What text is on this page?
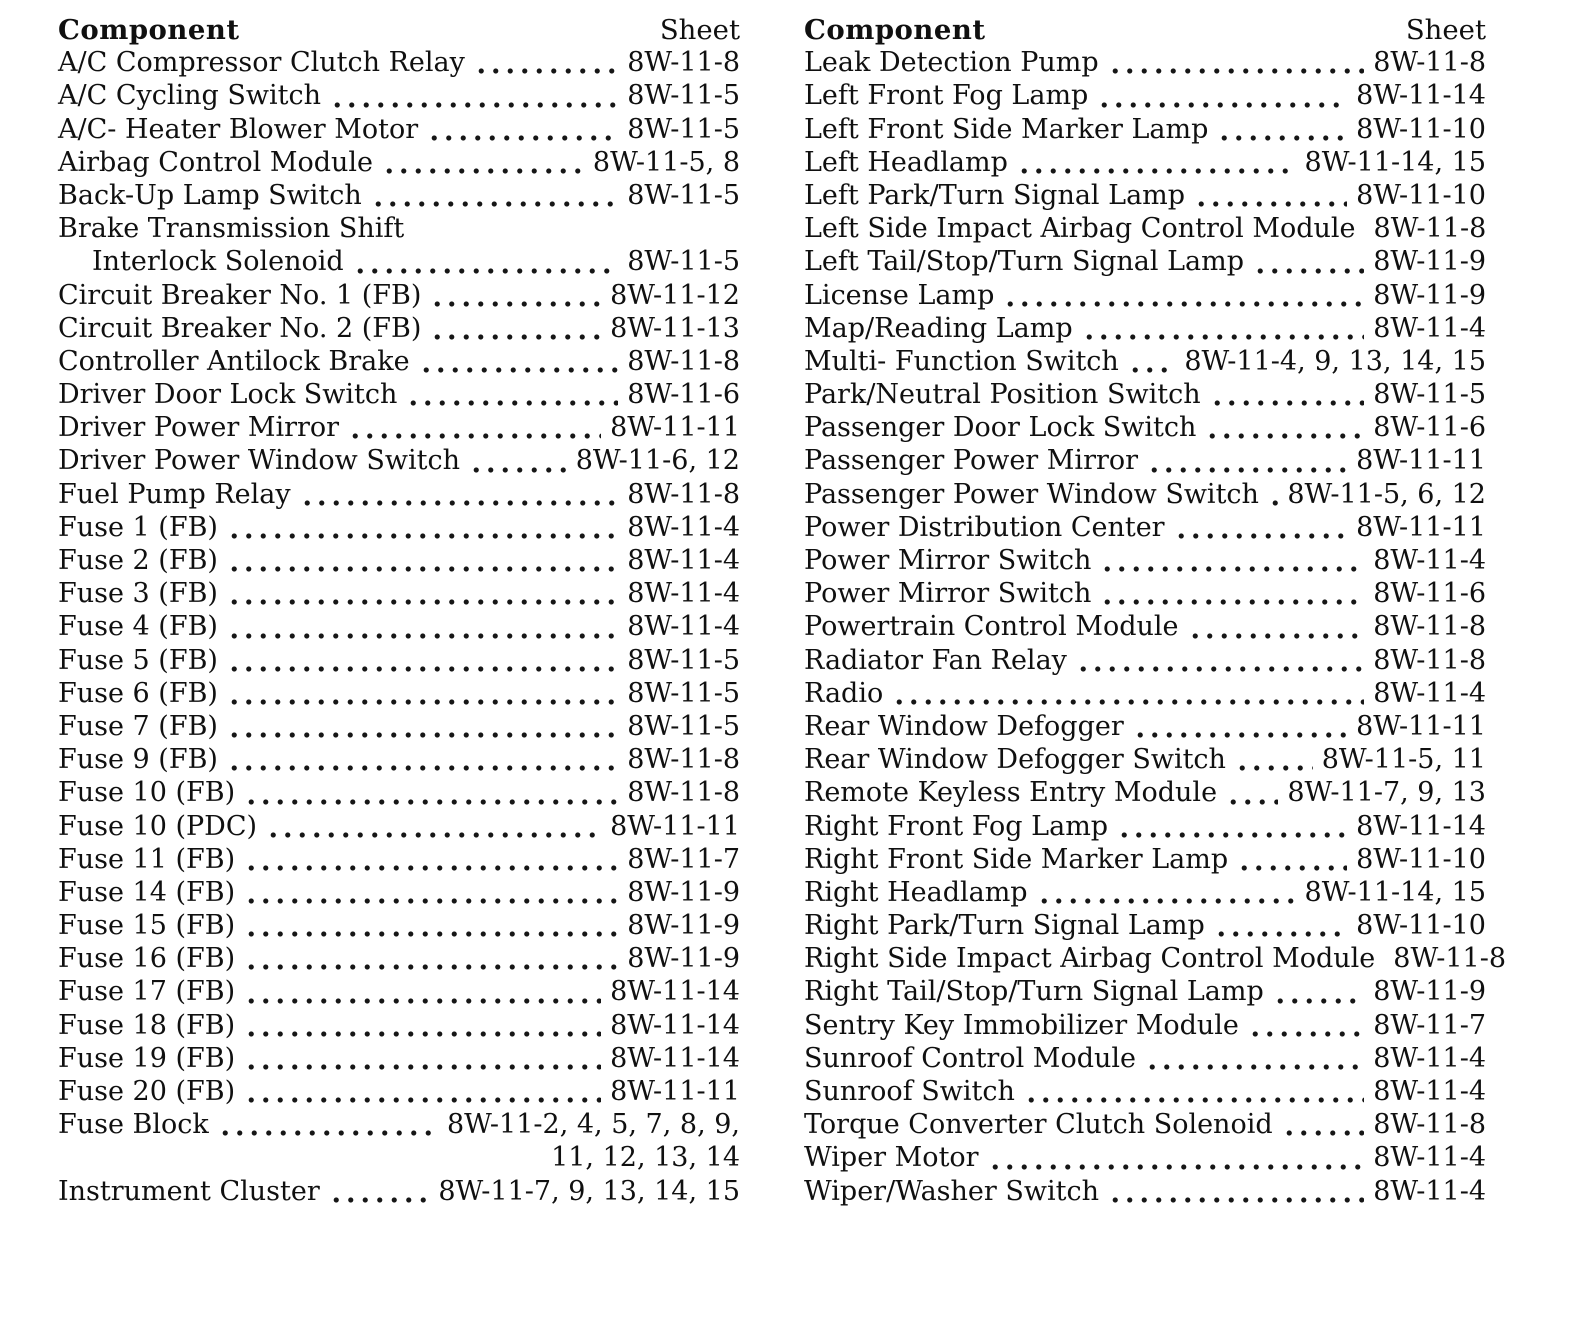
Component	Sheet
A/C Compressor Clutch Relay	8W-11-8
A/C Cycling Switch	8W-11-5
A/C- Heater Blower Motor	8W-11-5
Airbag Control Module	8W-11-5, 8
Back-Up Lamp Switch	8W-11-5
Brake Transmission Shift
Interlock Solenoid	8W-11-5
Circuit Breaker No. 1 (FB)	8W-11-12
Circuit Breaker No. 2 (FB)	8W-11-13
Controller Antilock Brake	8W-11-8
Driver Door Lock Switch	8W-11-6
Driver Power Mirror	8W-11-11
Driver Power Window Switch	8W-11-6, 12
Fuel Pump Relay	8W-11-8
Fuse 1 (FB)	8W-11-4
Fuse 2 (FB)	8W-11-4
Fuse 3 (FB)	8W-11-4
Fuse 4 (FB)	8W-11-4
Fuse 5 (FB)	8W-11-5
Fuse 6 (FB)	8W-11-5
Fuse 7 (FB)	8W-11-5
Fuse 9 (FB)	8W-11-8
Fuse 10 (FB)	8W-11-8
Fuse 10 (PDC)	8W-11-11
Fuse 11 (FB)	8W-11-7
Fuse 14 (FB)	8W-11-9
Fuse 15 (FB)	8W-11-9
Fuse 16 (FB)	8W-11-9
Fuse 17 (FB)	8W-11-14
Fuse 18 (FB)	8W-11-14
Fuse 19 (FB)	8W-11-14
Fuse 20 (FB)	8W-11-11
Fuse Block	8W-11-2, 4, 5, 7, 8, 9,
11, 12, 13, 14
Instrument Cluster	8W-11-7, 9, 13, 14, 15
Component	Sheet
Leak Detection Pump	8W-11-8
Left Front Fog Lamp	8W-11-14
Left Front Side Marker Lamp	8W-11-10
Left Headlamp	8W-11-14, 15
Left Park/Turn Signal Lamp	8W-11-10
Left Side Impact Airbag Control Module 8W-11-8
Left Tail/Stop/Turn Signal Lamp	8W-11-9
License Lamp	8W-11-9
Map/Reading Lamp	8W-11-4
Multi- Function Switch 8W-11-4, 9, 13, 14, 15
Park/Neutral Position Switch	8W-11-5
Passenger Door Lock Switch	8W-11-6
Passenger Power Mirror	8W-11-11
Passenger Power Window Switch 8W-11-5, 6, 12
Power Distribution Center	8W-11-11
Power Mirror Switch	8W-11-4
Power Mirror Switch	8W-11-6
Powertrain Control Module	8W-11-8
Radiator Fan Relay	8W-11-8
Radio	8W-11-4
Rear Window Defogger	8W-11-11
Rear Window Defogger Switch	8W-11-5, 11
Remote Keyless Entry Module	8W-11-7, 9, 13
Right Front Fog Lamp	8W-11-14
Right Front Side Marker Lamp	8W-11-10
Right Headlamp	8W-11-14, 15
Right Park/Turn Signal Lamp	8W-11-10
Right Side Impact Airbag Control Module 8W-11-8
Right Tail/Stop/Turn Signal Lamp	8W-11-9
Sentry Key Immobilizer Module	8W-11-7
Sunroof Control Module	8W-11-4
Sunroof Switch	8W-11-4
Torque Converter Clutch Solenoid	8W-11-8
Wiper Motor	8W-11-4
Wiper/Washer Switch	8W-11-4
